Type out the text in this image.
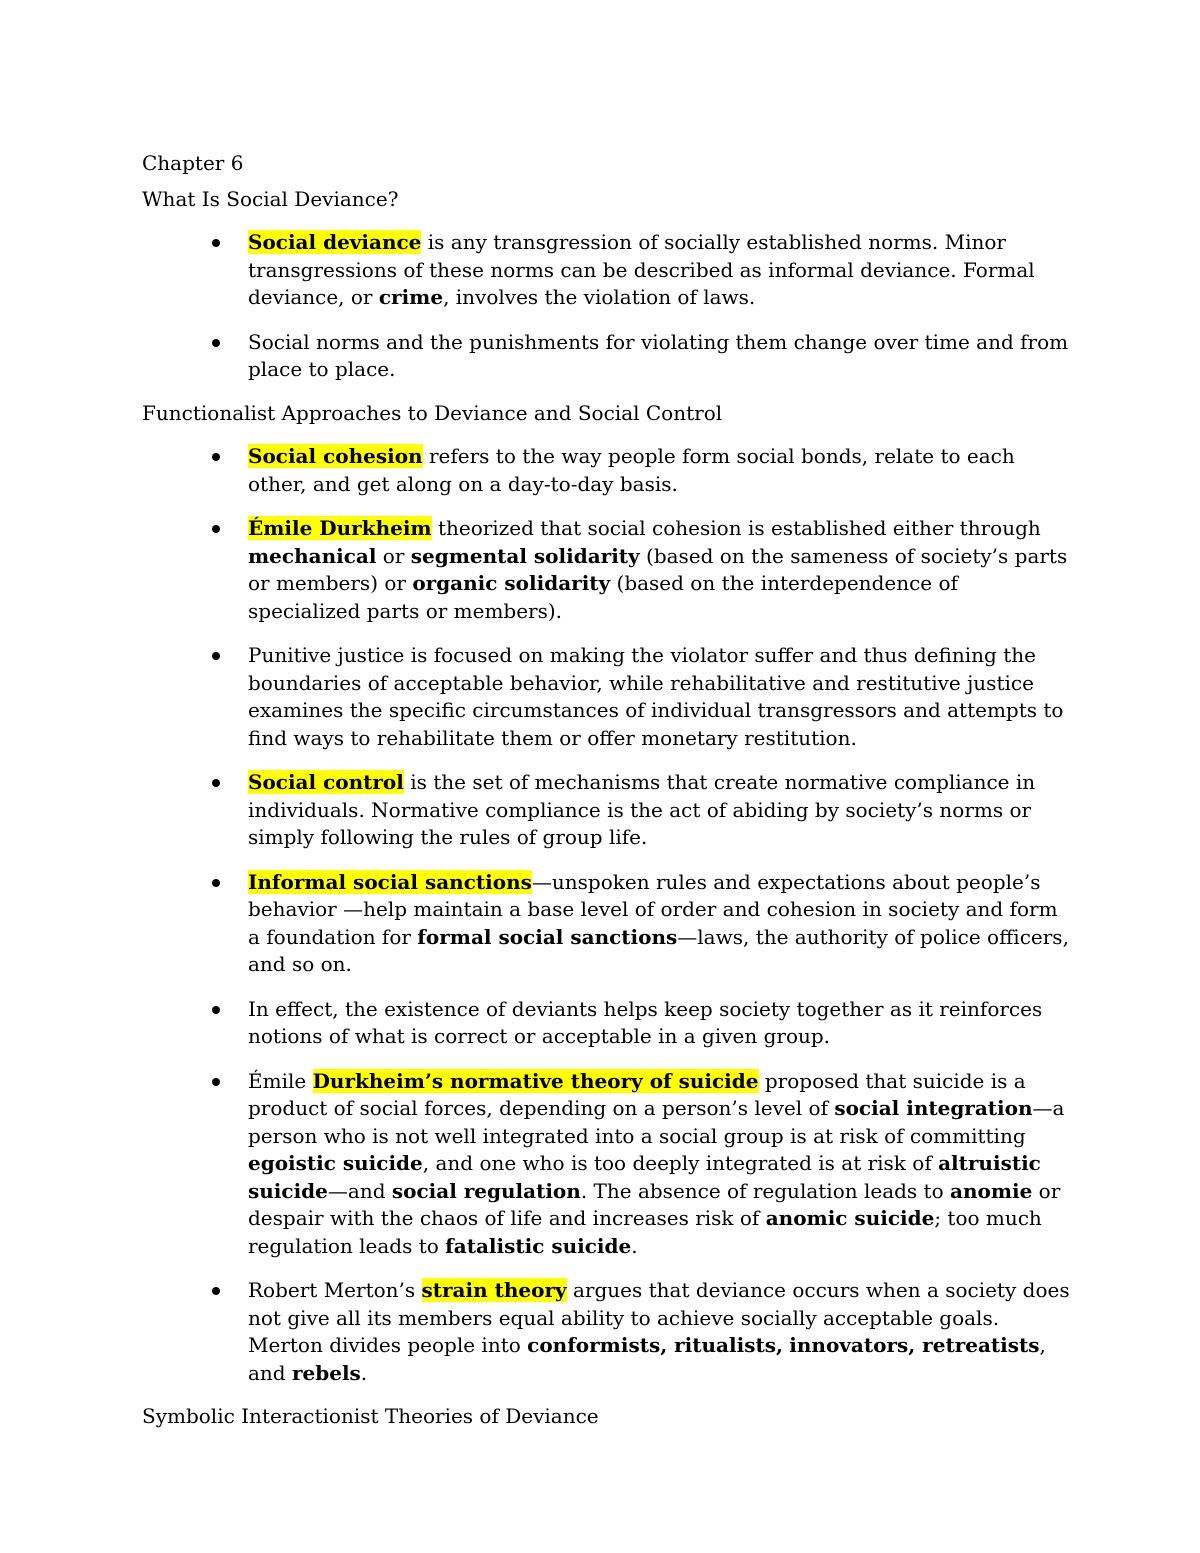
Chapter 6

What Is Social Deviance?

Social deviance is any transgression of socially established norms. Minor transgressions of these norms can be described as informal deviance. Formal deviance, or crime, involves the violation of laws.
Social norms and the punishments for violating them change over time and from place to place.

Functionalist Approaches to Deviance and Social Control

Social cohesion refers to the way people form social bonds, relate to each other, and get along on a day-to-day basis.
Émile Durkheim theorized that social cohesion is established either through mechanical or segmental solidarity (based on the sameness of society’s parts or members) or organic solidarity (based on the interdependence of specialized parts or members).
Punitive justice is focused on making the violator suffer and thus defining the boundaries of acceptable behavior, while rehabilitative and restitutive justice examines the specific circumstances of individual transgressors and attempts to find ways to rehabilitate them or offer monetary restitution.
Social control is the set of mechanisms that create normative compliance in individuals. Normative compliance is the act of abiding by society’s norms or simply following the rules of group life.
Informal social sanctions—unspoken rules and expectations about people’s behavior —help maintain a base level of order and cohesion in society and form a foundation for formal social sanctions—laws, the authority of police officers, and so on.
In effect, the existence of deviants helps keep society together as it reinforces notions of what is correct or acceptable in a given group.
Émile Durkheim’s normative theory of suicide proposed that suicide is a product of social forces, depending on a person’s level of social integration—a person who is not well integrated into a social group is at risk of committing egoistic suicide, and one who is too deeply integrated is at risk of altruistic suicide—and social regulation. The absence of regulation leads to anomie or despair with the chaos of life and increases risk of anomic suicide; too much regulation leads to fatalistic suicide.
Robert Merton’s strain theory argues that deviance occurs when a society does not give all its members equal ability to achieve socially acceptable goals. Merton divides people into conformists, ritualists, innovators, retreatists, and rebels.

Symbolic Interactionist Theories of Deviance
